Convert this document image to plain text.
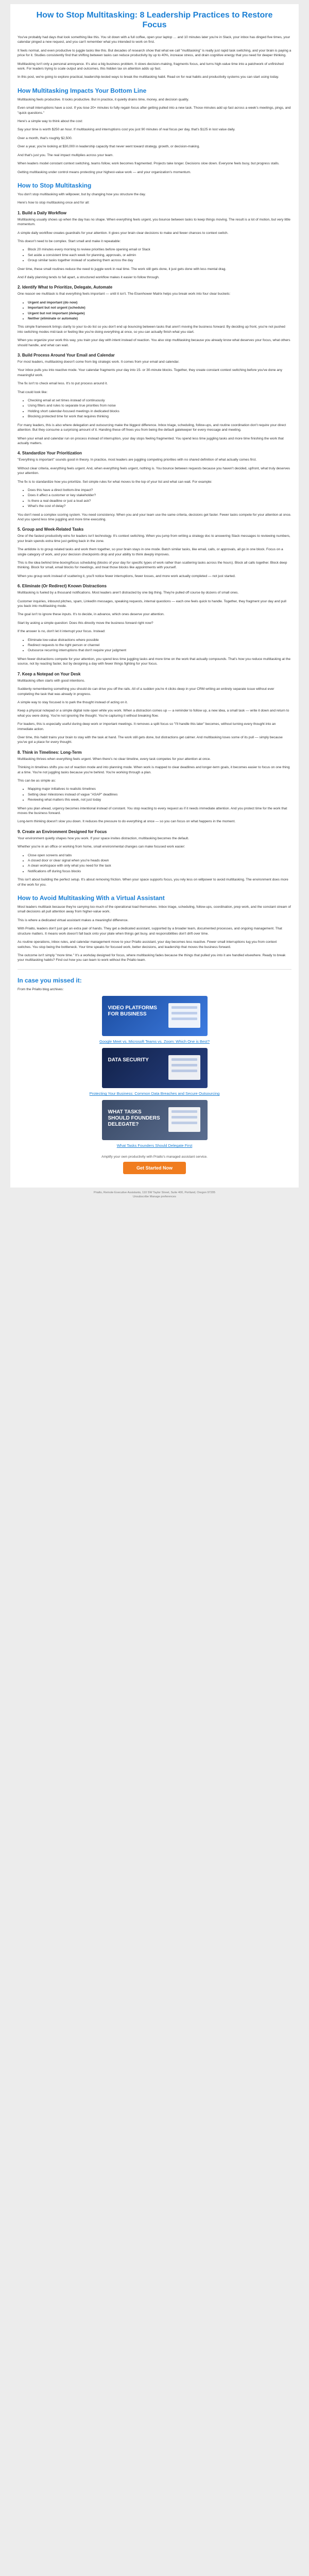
How to Stop Multitasking: 8 Leadership Practices to Restore Focus

You've probably had days that look something like this. You sit down with a full coffee, open your laptop … and 10 minutes later you're in Slack, your inbox has dinged five times, your calendar pinged a new request, and you can't remember what you intended to work on first.

It feels normal, and even productive to juggle tasks like this. But decades of research show that what we call "multitasking" is really just rapid task switching, and your brain is paying a price for it. Studies consistently find that shifting between tasks can reduce productivity by up to 40%, increase stress, and drain cognitive energy that you need for deeper thinking.

Multitasking isn't only a personal annoyance. It's also a big business problem. It slows decision-making, fragments focus, and turns high-value time into a patchwork of unfinished work. For leaders trying to scale output and outcomes, this hidden tax on attention adds up fast.

In this post, we're going to explore practical, leadership-tested ways to break the multitasking habit. Read on for real habits and productivity systems you can start using today.

How Multitasking Impacts Your Bottom Line

Multitasking feels productive. It looks productive. But in practice, it quietly drains time, money, and decision quality.

Even small interruptions have a cost. If you lose 20+ minutes to fully regain focus after getting pulled into a new task. Those minutes add up fast across a week's meetings, pings, and "quick questions."

Here's a simple way to think about the cost:

Say your time is worth $250 an hour. If multitasking and interruptions cost you just 90 minutes of real focus per day, that's $125 in lost value daily.

Over a month, that's roughly $2,500.

Over a year, you're looking at $30,000 in leadership capacity that never went toward strategy, growth, or decision-making.

And that's just you. The real impact multiplies across your team.

When leaders model constant context switching, teams follow, work becomes fragmented. Projects take longer. Decisions slow down. Everyone feels busy, but progress stalls.

Getting multitasking under control means protecting your highest-value work — and your organization's momentum.

How to Stop Multitasking

You don't stop multitasking with willpower, but by changing how you structure the day.

Here's how to stop multitasking once and for all:

1. Build a Daily Workflow

Multitasking usually shows up when the day has no shape. When everything feels urgent, you bounce between tasks to keep things moving. The result is a lot of motion, but very little momentum.

A simple daily workflow creates guardrails for your attention. It gives your brain clear decisions to make and fewer chances to context switch.

This doesn't need to be complex. Start small and make it repeatable:

• Block 20 minutes every morning to review priorities before opening email or Slack
• Set aside a consistent time each week for planning, approvals, or admin
• Group similar tasks together instead of scattering them across the day

Over time, these small routines reduce the need to juggle work in real time. The work still gets done, it just gets done with less mental drag.

And if daily planning tends to fall apart, a structured workflow makes it easier to follow through.

2. Identify What to Prioritize, Delegate, Automate

One reason we multitask is that everything feels important — until it isn't. The Eisenhower Matrix helps you break work into four clear buckets:

• Urgent and important (do now)
• Important but not urgent (schedule)
• Urgent but not important (delegate)
• Neither (eliminate or automate)

This simple framework brings clarity to your to-do list so you don't end up bouncing between tasks that aren't moving the business forward. By deciding up front, you're not pushed into switching modes mid-task or feeling like you're doing everything at once, so you can actually finish what you start.

When you organize your work this way, you train your day with intent instead of reaction. You also stop multitasking because you already know what deserves your focus, what others should handle, and what can wait.

3. Build Process Around Your Email and Calendar

For most leaders, multitasking doesn't come from big strategic work. It comes from your email and calendar.

Your inbox pulls you into reactive mode. Your calendar fragments your day into 15- or 30-minute blocks. Together, they create constant context switching before you've done any meaningful work.

The fix isn't to check email less. It's to put process around it.

That could look like:

• Checking email at set times instead of continuously
• Using filters and rules to separate true priorities from noise
• Holding short calendar-focused meetings in dedicated blocks
• Blocking protected time for work that requires thinking

For many leaders, this is also where delegation and outsourcing make the biggest difference. Inbox triage, scheduling, follow-ups, and routine coordination don't require your direct attention. But they consume a surprising amount of it. Handing these off frees you from being the default gatekeeper for every message and meeting.

When your email and calendar run on process instead of interruption, your day stops feeling fragmented. You spend less time juggling tasks and more time finishing the work that actually matters.

4. Standardize Your Prioritization

"Everything is important" sounds good in theory. In practice, most leaders are juggling competing priorities with no shared definition of what actually comes first.

Without clear criteria, everything feels urgent. And, when everything feels urgent, nothing is. You bounce between requests because you haven't decided, upfront, what truly deserves your attention.

The fix is to standardize how you prioritize. Set simple rules for what moves to the top of your list and what can wait. For example:

• Does this have a direct bottom-line impact?
• Does it affect a customer or key stakeholder?
• Is there a real deadline or just a loud ask?
• What's the cost of delay?

You don't need a complex scoring system. You need consistency. When you and your team use the same criteria, decisions get faster. Fewer tasks compete for your attention at once. And you spend less time juggling and more time executing.

5. Group and Week-Related Tasks

One of the fastest productivity wins for leaders isn't technology. It's context switching. When you jump from writing a strategy doc to answering Slack messages to reviewing numbers, your brain spends extra time just getting back in the zone.

The antidote is to group related tasks and work them together, so your brain stays in one mode. Batch similar tasks, like email, calls, or approvals, all go in one block. Focus on a single category of work, and your decision checkpoints drop and your ability to think deeply improves.

This is the idea behind time-boxing/focus scheduling (blocks of your day for specific types of work rather than scattering tasks across the hours). Block all calls together. Block deep thinking. Block for small, email blocks for meetings, and treat those blocks like appointments with yourself.

When you group work instead of scattering it, you'll notice fewer interruptions, fewer losses, and more work actually completed — not just started.

6. Eliminate (Or Redirect) Known Distractions

Multitasking is fueled by a thousand notifications. Most leaders aren't distracted by one big thing. They're pulled off course by dozens of small ones.

Customer inquiries, inbound pitches, spam, LinkedIn messages, speaking requests, internal questions — each one feels quick to handle. Together, they fragment your day and pull you back into multitasking mode.

The goal isn't to ignore these inputs. It's to decide, in advance, which ones deserve your attention.

Start by asking a simple question: Does this directly move the business forward right now?

If the answer is no, don't let it interrupt your focus. Instead:

• Eliminate low-value distractions where possible
• Redirect requests to the right person or channel
• Outsource recurring interruptions that don't require your judgment

When fewer distractions compete for your attention, you spend less time juggling tasks and more time on the work that actually compounds. That's how you reduce multitasking at the source, not by reacting faster, but by designing a day with fewer things fighting for your focus.

7. Keep a Notepad on Your Desk

Multitasking often starts with good intentions.

Suddenly remembering something you should do can drive you off the rails. All of a sudden you're 4 clicks deep in your CRM writing an entirely separate issue without ever completing the task that was already in progress.

A simple way to stay focused is to park the thought instead of acting on it.

Keep a physical notepad or a simple digital note open while you work. When a distraction comes up — a reminder to follow up, a new idea, a small task — write it down and return to what you were doing. You're not ignoring the thought. You're capturing it without breaking flow.

For leaders, this is especially useful during deep work or important meetings. It removes a split focus so "I'll handle this later" becomes, without turning every thought into an immediate action.

Over time, this habit trains your brain to stay with the task at hand. The work still gets done, but distractions get calmer. And multitasking loses some of its pull — simply because you've got a place for every thought.

8. Think in Timelines: Long-Term

Multitasking thrives when everything feels urgent. When there's no clear timeline, every task competes for your attention at once.

Thinking in timelines shifts you out of reaction mode and into planning mode. When work is mapped to clear deadlines and longer-term goals, it becomes easier to focus on one thing at a time. You're not juggling tasks because you're behind. You're working through a plan.

This can be as simple as:

• Mapping major initiatives to realistic timelines
• Setting clear milestones instead of vague "ASAP" deadlines
• Reviewing what matters this week, not just today

When you plan ahead, urgency becomes intentional instead of constant. You stop reacting to every request as if it needs immediate attention. And you protect time for the work that moves the business forward.

Long-term thinking doesn't slow you down. It reduces the pressure to do everything at once — so you can focus on what happens in the moment.

9. Create an Environment Designed for Focus

Your environment quietly shapes how you work. If your space invites distraction, multitasking becomes the default.

Whether you're in an office or working from home, small environmental changes can make focused work easier:

• Close open screens and tabs
• A closed door or clear signal when you're heads down
• A clean workspace with only what you need for the task
• Notifications off during focus blocks

This isn't about building the perfect setup. It's about removing friction. When your space supports focus, you rely less on willpower to avoid multitasking. The environment does more of the work for you.

How to Avoid Multitasking With a Virtual Assistant

Most leaders multitask because they're carrying too much of the operational load themselves. Inbox triage, scheduling, follow-ups, coordination, prep work, and the constant stream of small decisions all pull attention away from higher-value work.

This is where a dedicated virtual assistant makes a meaningful difference.

With Prialto, leaders don't just get an extra pair of hands. They get a dedicated assistant, supported by a broader team, documented processes, and ongoing management. That structure matters. It means work doesn't fall back onto your plate when things get busy, and responsibilities don't drift over time.

As routine operations, inbox rules, and calendar management move to your Prialto assistant, your day becomes less reactive. Fewer small interruptions tug you from context switches. You stop being the bottleneck. Your time speaks for focused work, better decisions, and leadership that moves the business forward.

The outcome isn't simply "more time." It's a workday designed for focus, where multitasking fades because the things that pulled you into it are handled elsewhere. Ready to break your multitasking habits? Find out how you can learn to work without the Prialto team.

In case you missed it:

From the Prialto blog archives:

VIDEO PLATFORMS FOR BUSINESS
Google Meet vs. Microsoft Teams vs. Zoom: Which One is Best?
DATA SECURITY
Protecting Your Business: Common Data Breaches and Secure Outsourcing
WHAT TASKS SHOULD FOUNDERS DELEGATE?
What Tasks Founders Should Delegate First
Amplify your own productivity with Prialto's managed assistant service.
Get Started Now
Prialto, Remote Executive Assistants, 110 SW Taylor Street, Suite 400, Portland, Oregon 97205
Unsubscribe Manage preferences
